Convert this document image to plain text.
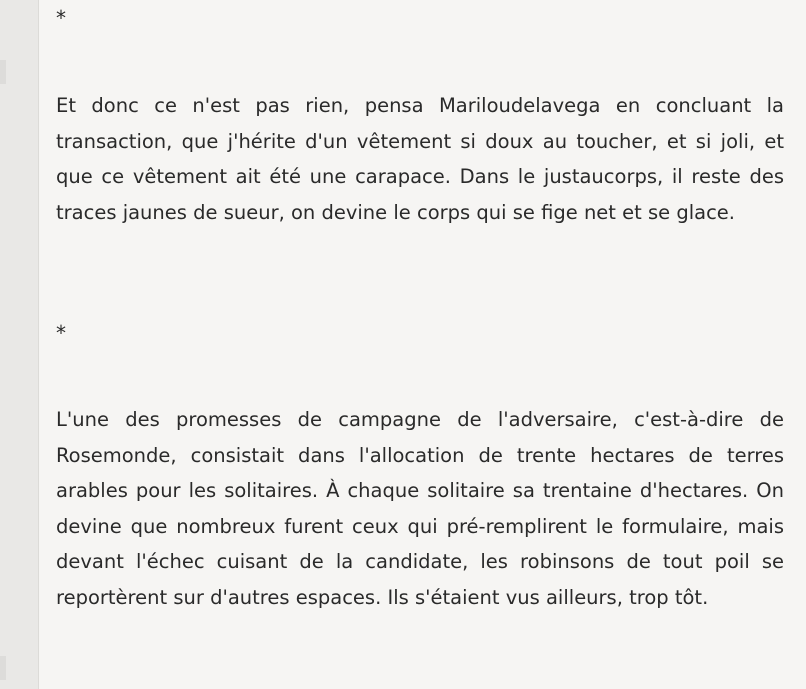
*

Et donc ce n'est pas rien, pensa Mariloudelavega en concluant la transaction, que j'hérite d'un vêtement si doux au toucher, et si joli, et que ce vêtement ait été une carapace. Dans le justaucorps, il reste des traces jaunes de sueur, on devine le corps qui se fige net et se glace.

*

L'une des promesses de campagne de l'adversaire, c'est-à-dire de Rosemonde, consistait dans l'allocation de trente hectares de terres arables pour les solitaires. À chaque solitaire sa trentaine d'hectares. On devine que nombreux furent ceux qui pré-remplirent le formulaire, mais devant l'échec cuisant de la candidate, les robinsons de tout poil se reportèrent sur d'autres espaces. Ils s'étaient vus ailleurs, trop tôt.
